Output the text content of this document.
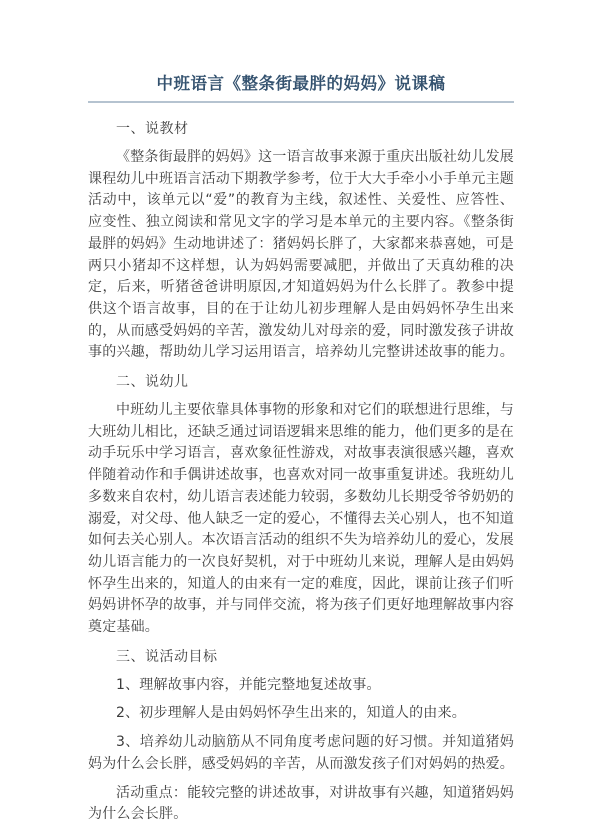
中班语言《整条街最胖的妈妈》说课稿
一、说教材

《整条街最胖的妈妈》这一语言故事来源于重庆出版社幼儿发展课程幼儿中班语言活动下期教学参考，位于大大手牵小小手单元主题活动中，该单元以“爱”的教育为主线，叙述性、关爱性、应答性、应变性、独立阅读和常见文字的学习是本单元的主要内容。《整条街最胖的妈妈》生动地讲述了：猪妈妈长胖了，大家都来恭喜她，可是两只小猪却不这样想，认为妈妈需要减肥，并做出了天真幼稚的决定，后来，听猪爸爸讲明原因,才知道妈妈为什么长胖了。教参中提供这个语言故事，目的在于让幼儿初步理解人是由妈妈怀孕生出来的，从而感受妈妈的辛苦，激发幼儿对母亲的爱，同时激发孩子讲故事的兴趣，帮助幼儿学习运用语言，培养幼儿完整讲述故事的能力。

二、说幼儿

中班幼儿主要依靠具体事物的形象和对它们的联想进行思维，与大班幼儿相比，还缺乏通过词语逻辑来思维的能力，他们更多的是在动手玩乐中学习语言，喜欢象征性游戏，对故事表演很感兴趣，喜欢伴随着动作和手偶讲述故事，也喜欢对同一故事重复讲述。我班幼儿多数来自农村，幼儿语言表述能力较弱，多数幼儿长期受爷爷奶奶的溺爱，对父母、他人缺乏一定的爱心，不懂得去关心别人，也不知道如何去关心别人。本次语言活动的组织不失为培养幼儿的爱心，发展幼儿语言能力的一次良好契机，对于中班幼儿来说，理解人是由妈妈怀孕生出来的，知道人的由来有一定的难度，因此，课前让孩子们听妈妈讲怀孕的故事，并与同伴交流，将为孩子们更好地理解故事内容奠定基础。

三、说活动目标

1、理解故事内容，并能完整地复述故事。

2、初步理解人是由妈妈怀孕生出来的，知道人的由来。

3、培养幼儿动脑筋从不同角度考虑问题的好习惯。并知道猪妈妈为什么会长胖，感受妈妈的辛苦，从而激发孩子们对妈妈的热爱。

活动重点：能较完整的讲述故事，对讲故事有兴趣，知道猪妈妈为什么会长胖。
